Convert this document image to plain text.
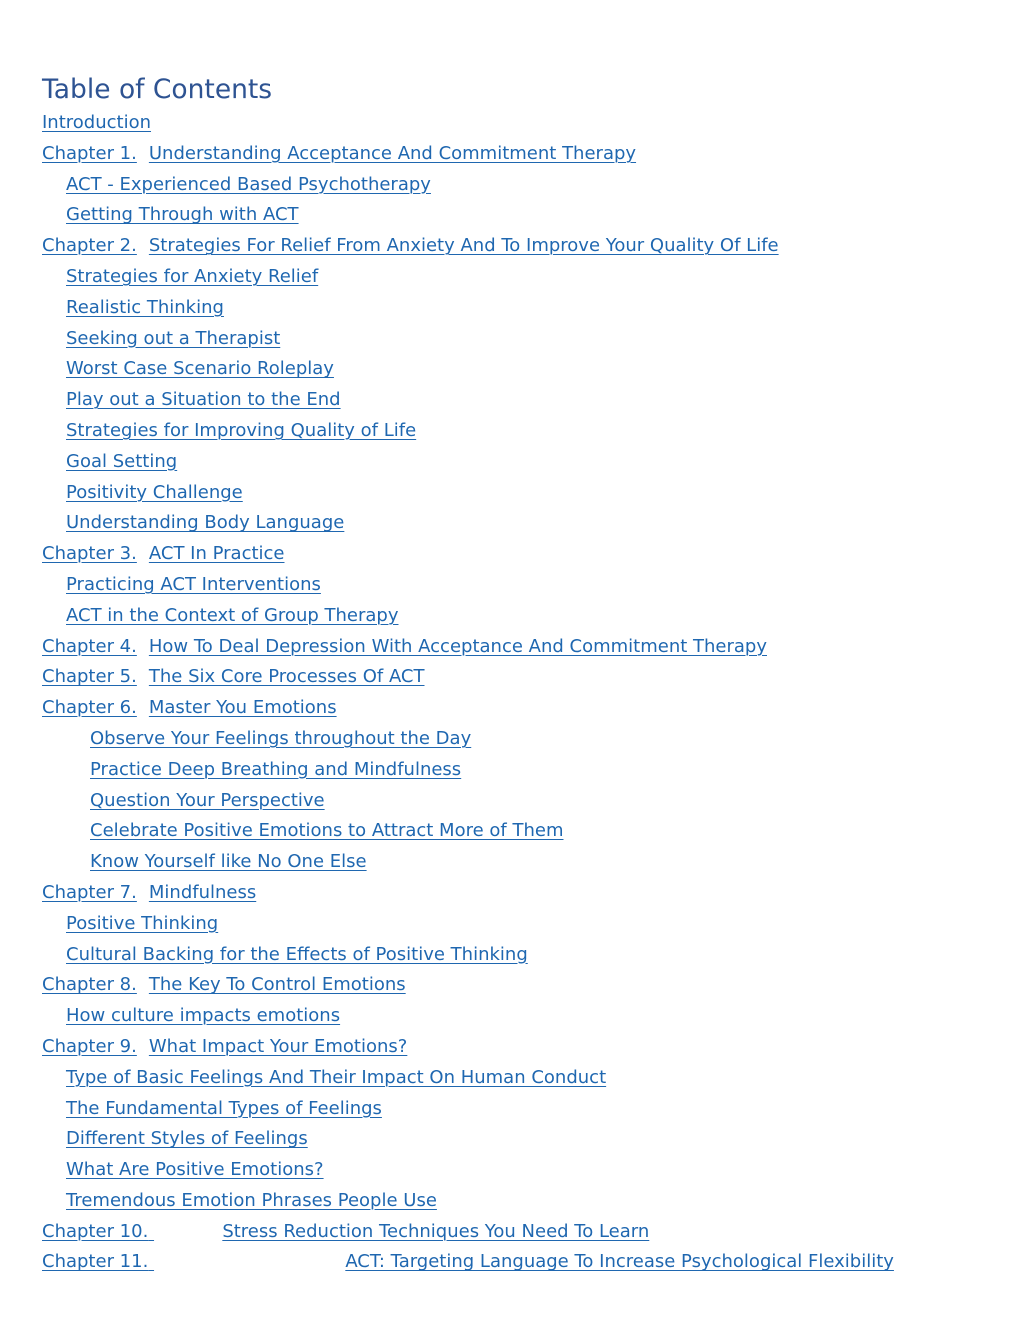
Table of Contents
Introduction
Chapter 1. Understanding Acceptance And Commitment Therapy
ACT - Experienced Based Psychotherapy
Getting Through with ACT
Chapter 2. Strategies For Relief From Anxiety And To Improve Your Quality Of Life
Strategies for Anxiety Relief
Realistic Thinking
Seeking out a Therapist
Worst Case Scenario Roleplay
Play out a Situation to the End
Strategies for Improving Quality of Life
Goal Setting
Positivity Challenge
Understanding Body Language
Chapter 3. ACT In Practice
Practicing ACT Interventions
ACT in the Context of Group Therapy
Chapter 4. How To Deal Depression With Acceptance And Commitment Therapy
Chapter 5. The Six Core Processes Of ACT
Chapter 6. Master You Emotions
Observe Your Feelings throughout the Day
Practice Deep Breathing and Mindfulness
Question Your Perspective
Celebrate Positive Emotions to Attract More of Them
Know Yourself like No One Else
Chapter 7. Mindfulness
Positive Thinking
Cultural Backing for the Effects of Positive Thinking
Chapter 8. The Key To Control Emotions
How culture impacts emotions
Chapter 9. What Impact Your Emotions?
Type of Basic Feelings And Their Impact On Human Conduct
The Fundamental Types of Feelings
Different Styles of Feelings
What Are Positive Emotions?
Tremendous Emotion Phrases People Use
Chapter 10.	Stress Reduction Techniques You Need To Learn
Chapter 11.	ACT: Targeting Language To Increase Psychological Flexibility
